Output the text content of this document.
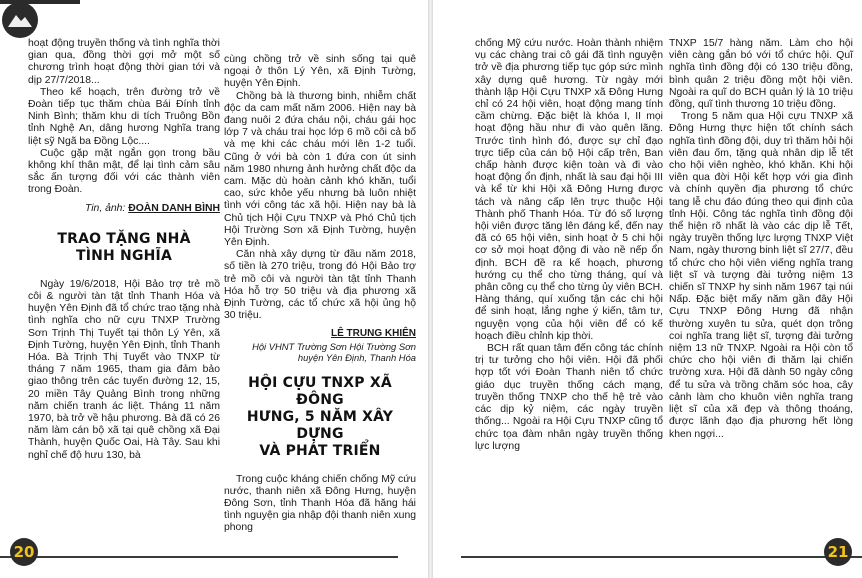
hoạt động truyền thống và tình nghĩa thời gian qua, đồng thời gợi mở một số chương trình hoạt động thời gian tới và dịp 27/7/2018...

Theo kế hoạch, trên đường trở về Đoàn tiếp tục thăm chùa Bái Đính tỉnh Ninh Bình; thăm khu di tích Truông Bồn tỉnh Nghệ An, dâng hương Nghĩa trang liệt sỹ Ngã ba Đồng Lộc....

Cuộc gặp mặt ngắn gọn trong bầu không khí thân mật, để lại tình cảm sâu sắc ấn tượng đối với các thành viên trong Đoàn.

Tin, ảnh: ĐOÀN DANH BÌNH
TRAO TẶNG NHÀ
TÌNH NGHĨA

Ngày 19/6/2018, Hội Bảo trợ trẻ mồ côi & người tàn tật tỉnh Thanh Hóa và huyện Yên Định đã tổ chức trao tặng nhà tình nghĩa cho nữ cựu TNXP Trường Sơn Trịnh Thị Tuyết tại thôn Lý Yên, xã Định Tường, huyện Yên Định, tỉnh Thanh Hóa. Bà Trịnh Thị Tuyết vào TNXP từ tháng 7 năm 1965, tham gia đảm bảo giao thông trên các tuyến đường 12, 15, 20 miền Tây Quảng Bình trong những năm chiến tranh ác liệt. Tháng 11 năm 1970, bà trở về hậu phương. Bà đã có 26 năm làm cán bộ xã tại quê chồng xã Đại Thành, huyện Quốc Oai, Hà Tây. Sau khi nghỉ chế độ hưu 130, bà

cùng chồng trở về sinh sống tại quê ngoại ở thôn Lý Yên, xã Định Tường, huyện Yên Định.

Chồng bà là thương binh, nhiễm chất độc da cam mất năm 2006. Hiện nay bà đang nuôi 2 đứa cháu nội, cháu gái học lớp 7 và cháu trai học lớp 6 mồ côi cả bố và mẹ khi các cháu mới lên 1-2 tuổi. Cũng ở với bà còn 1 đứa con út sinh năm 1980 nhưng ảnh hưởng chất độc da cam. Mặc dù hoàn cảnh khó khăn, tuổi cao, sức khỏe yếu nhưng bà luôn nhiệt tình với công tác xã hội. Hiện nay bà là Chủ tịch Hội Cựu TNXP và Phó Chủ tịch Hội Trường Sơn xã Định Tường, huyện Yên Định.

Căn nhà xây dựng từ đầu năm 2018, số tiền là 270 triệu, trong đó Hội Bảo trợ trẻ mồ côi và người tàn tật tỉnh Thanh Hóa hỗ trợ 50 triệu và địa phương xã Định Tường, các tổ chức xã hội ủng hộ 30 triệu.

LÊ TRUNG KHIÊN
Hội VHNT Trường Sơn Hội Trường Sơn huyện Yên Định, Thanh Hóa
HỘI CỰU TNXP XÃ ĐÔNG
HƯNG, 5 NĂM XÂY DỰNG
VÀ PHÁT TRIỂN

Trong cuộc kháng chiến chống Mỹ cứu nước, thanh niên xã Đông Hưng, huyện Đông Sơn, tỉnh Thanh Hóa đã hăng hái tình nguyện gia nhập đội thanh niên xung phong

20

chống Mỹ cứu nước. Hoàn thành nhiệm vụ các chàng trai cô gái đã tình nguyện trở về địa phương tiếp tục góp sức mình xây dựng quê hương. Từ ngày mới thành lập Hội Cựu TNXP xã Đông Hưng chỉ có 24 hội viên, hoạt động mang tính cầm chừng. Đặc biệt là khóa I, II mọi hoạt động hầu như đi vào quên lãng. Trước tình hình đó, được sự chỉ đạo trực tiếp của cán bộ Hội cấp trên, Ban chấp hành được kiện toàn và đi vào hoạt động ổn định, nhất là sau đại hội III và kể từ khi Hội xã Đông Hưng được tách và nâng cấp lên trực thuộc Hội Thành phố Thanh Hóa. Từ đó số lượng hội viên được tăng lên đáng kể, đến nay đã có 65 hội viên, sinh hoạt ở 5 chi hội cơ sở mọi hoạt động đi vào nề nếp ổn định. BCH đề ra kế hoạch, phương hướng cụ thể cho từng tháng, quí và phân công cụ thể cho từng ủy viên BCH. Hàng tháng, quí xuống tận các chi hội để sinh hoạt, lắng nghe ý kiến, tâm tư, nguyện vọng của hội viên để có kế hoạch điều chỉnh kịp thời.

BCH rất quan tâm đến công tác chính trị tư tưởng cho hội viên. Hội đã phối hợp tốt với Đoàn Thanh niên tổ chức giáo dục truyền thống cách mạng, truyền thống TNXP cho thế hệ trẻ vào các dịp kỷ niệm, các ngày truyền thống... Ngoài ra Hội Cựu TNXP cũng tổ chức tọa đàm nhân ngày truyền thống lực lượng

TNXP 15/7 hàng năm. Làm cho hội viên càng gắn bó với tổ chức hội. Quĩ nghĩa tình đồng đội có 130 triệu đồng, bình quân 2 triệu đồng một hội viên. Ngoài ra quĩ do BCH quản lý là 10 triệu đồng, quĩ tình thương 10 triệu đồng.

Trong 5 năm qua Hội cựu TNXP xã Đông Hưng thực hiện tốt chính sách nghĩa tình đồng đội, duy trì thăm hỏi hội viên đau ốm, tặng quà nhân dịp lễ tết cho hội viên nghèo, khó khăn. Khi hội viên qua đời Hội kết hợp với gia đình và chính quyền địa phương tổ chức tang lễ chu đáo đúng theo qui định của tỉnh Hội. Công tác nghĩa tình đồng đội thể hiện rõ nhất là vào các dịp lễ Tết, ngày truyền thống lực lượng TNXP Việt Nam, ngày thương binh liệt sĩ 27/7, đều tổ chức cho hội viên viếng nghĩa trang liệt sĩ và tượng đài tưởng niệm 13 chiến sĩ TNXP hy sinh năm 1967 tại núi Nấp. Đặc biệt mấy năm gần đây Hội Cựu TNXP Đông Hưng đã nhận thường xuyên tu sửa, quét dọn trông coi nghĩa trang liệt sĩ, tượng đài tưởng niệm 13 nữ TNXP. Ngoài ra Hội còn tổ chức cho hội viên đi thăm lại chiến trường xưa. Hội đã dành 50 ngày công để tu sửa và trồng chăm sóc hoa, cây cảnh làm cho khuôn viên nghĩa trang liệt sĩ của xã đẹp và thông thoáng, được lãnh đạo địa phương hết lòng khen ngợi...

21
